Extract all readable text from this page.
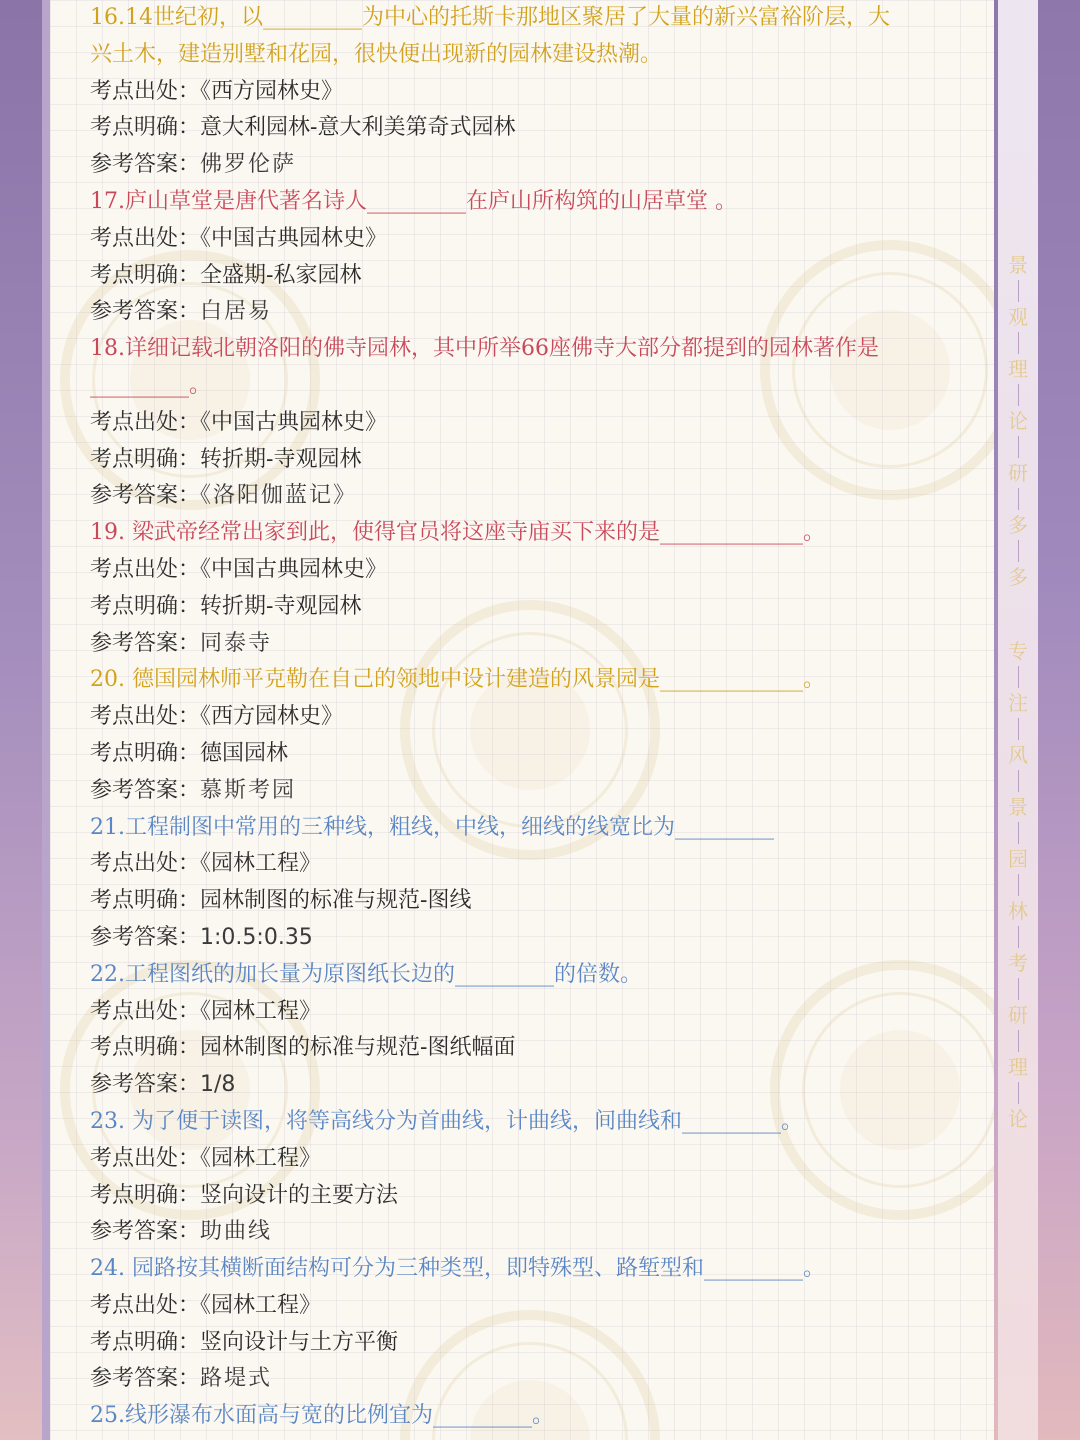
16.14世纪初，以_________为中心的托斯卡那地区聚居了大量的新兴富裕阶层，大
兴土木，建造别墅和花园，很快便出现新的园林建设热潮。
考点出处：《西方园林史》
考点明确：意大利园林-意大利美第奇式园林
参考答案：佛罗伦萨
17.庐山草堂是唐代著名诗人_________在庐山所构筑的山居草堂 。
考点出处：《中国古典园林史》
考点明确：全盛期-私家园林
参考答案：白居易
18.详细记载北朝洛阳的佛寺园林，其中所举66座佛寺大部分都提到的园林著作是
_________。
考点出处：《中国古典园林史》
考点明确：转折期-寺观园林
参考答案：《洛阳伽蓝记》
19. 梁武帝经常出家到此，使得官员将这座寺庙买下来的是_____________。
考点出处：《中国古典园林史》
考点明确：转折期-寺观园林
参考答案：同泰寺
20. 德国园林师平克勒在自己的领地中设计建造的风景园是_____________。
考点出处：《西方园林史》
考点明确：德国园林
参考答案：慕斯考园
21.工程制图中常用的三种线，粗线，中线，细线的线宽比为_________
考点出处：《园林工程》
考点明确：园林制图的标准与规范-图线
参考答案：1:0.5:0.35
22.工程图纸的加长量为原图纸长边的_________的倍数。
考点出处：《园林工程》
考点明确：园林制图的标准与规范-图纸幅面
参考答案：1/8
23. 为了便于读图，将等高线分为首曲线，计曲线，间曲线和_________。
考点出处：《园林工程》
考点明确：竖向设计的主要方法
参考答案：助曲线
24. 园路按其横断面结构可分为三种类型，即特殊型、路堑型和_________。
考点出处：《园林工程》
考点明确：竖向设计与土方平衡
参考答案：路堤式
25.线形瀑布水面高与宽的比例宜为_________。
景
观
理
论
研
多
多
专
注
风
景
园
林
考
研
理
论
